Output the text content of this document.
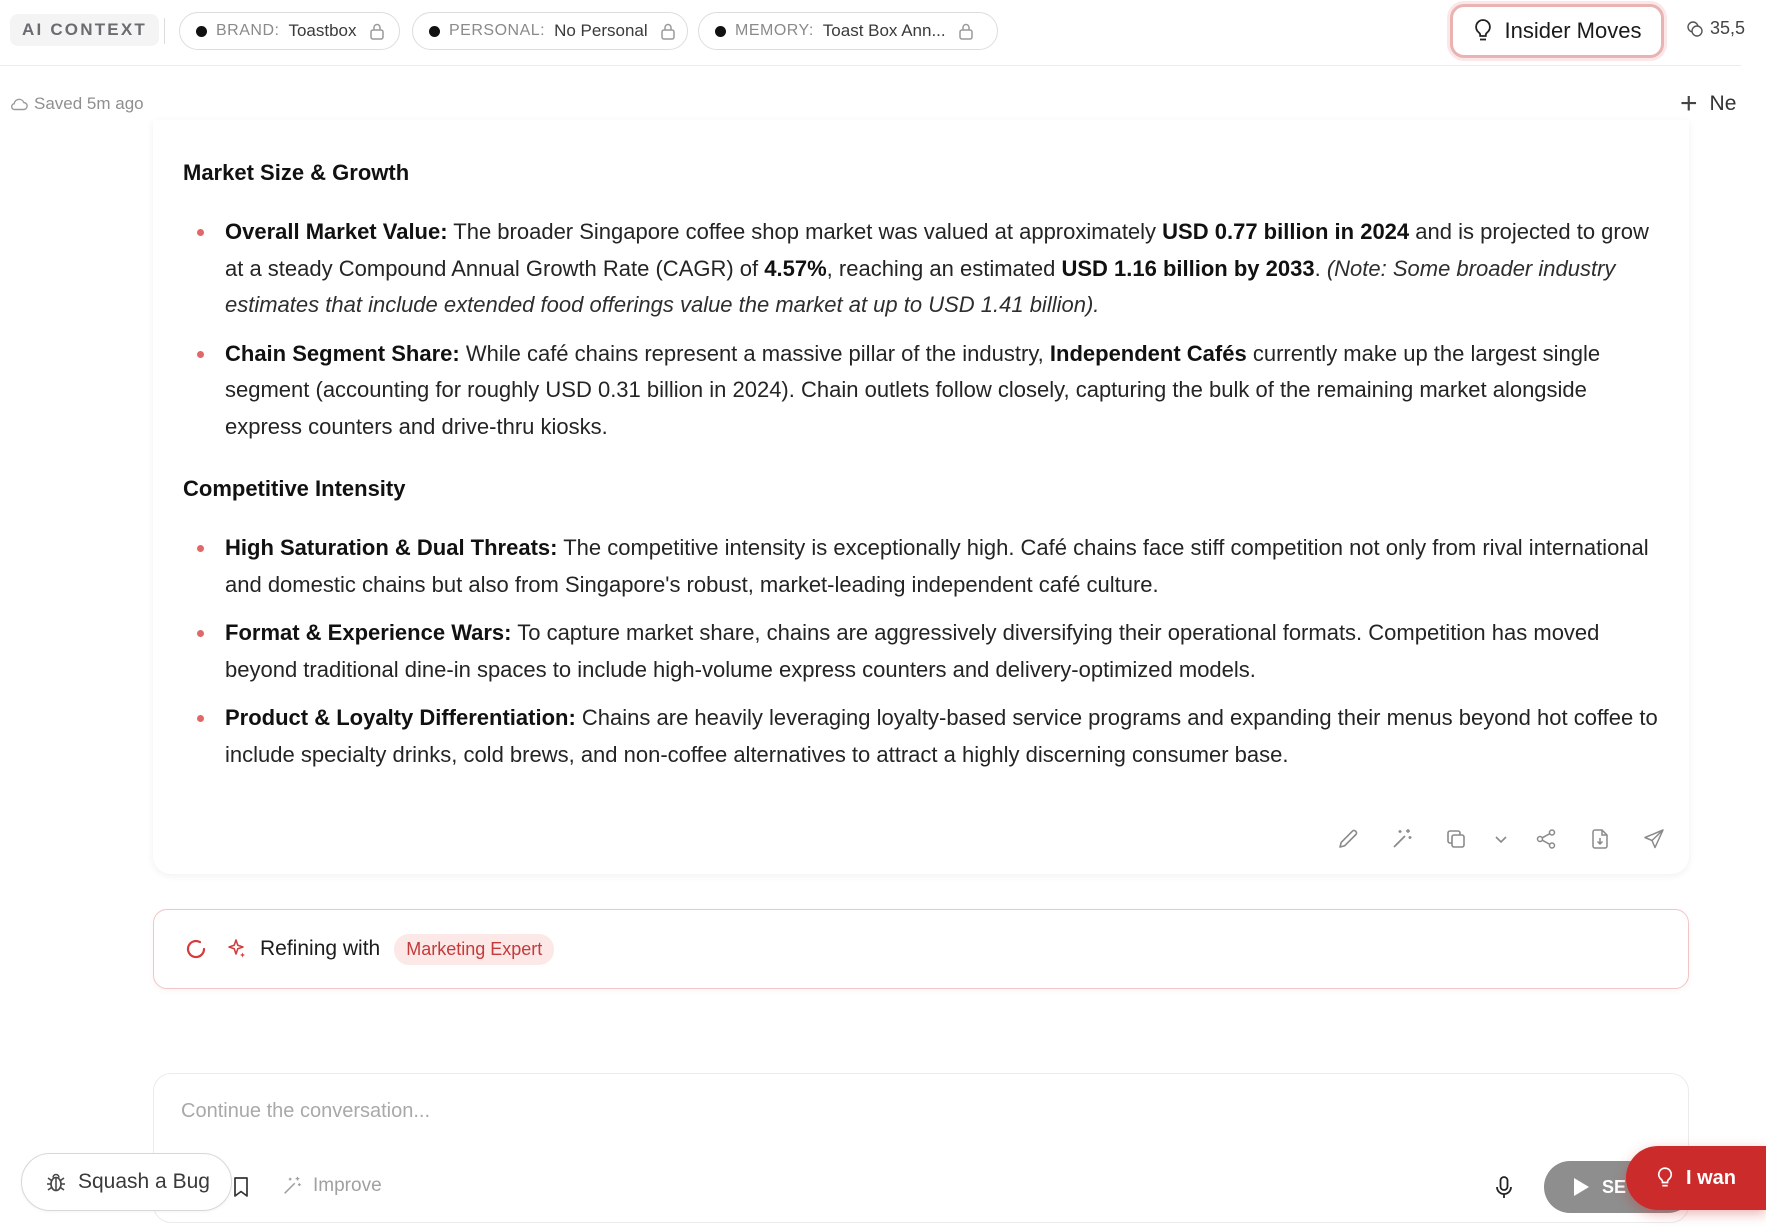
AI CONTEXT	BRAND: Toastbox	PERSONAL: No Personal	MEMORY: Toast Box Ann...	Insider Moves	35,5
Saved 5m ago	+ Ne
Market Size & Growth
Overall Market Value: The broader Singapore coffee shop market was valued at approximately USD 0.77 billion in 2024 and is projected to grow at a steady Compound Annual Growth Rate (CAGR) of 4.57%, reaching an estimated USD 1.16 billion by 2033. (Note: Some broader industry estimates that include extended food offerings value the market at up to USD 1.41 billion).
Chain Segment Share: While café chains represent a massive pillar of the industry, Independent Cafés currently make up the largest single segment (accounting for roughly USD 0.31 billion in 2024). Chain outlets follow closely, capturing the bulk of the remaining market alongside express counters and drive-thru kiosks.
Competitive Intensity
High Saturation & Dual Threats: The competitive intensity is exceptionally high. Café chains face stiff competition not only from rival international and domestic chains but also from Singapore's robust, market-leading independent café culture.
Format & Experience Wars: To capture market share, chains are aggressively diversifying their operational formats. Competition has moved beyond traditional dine-in spaces to include high-volume express counters and delivery-optimized models.
Product & Loyalty Differentiation: Chains are heavily leveraging loyalty-based service programs and expanding their menus beyond hot coffee to include specialty drinks, cold brews, and non-coffee alternatives to attract a highly discerning consumer base.
Refining with	Marketing Expert
Continue the conversation...
Improve	SE
Squash a Bug	I wan
